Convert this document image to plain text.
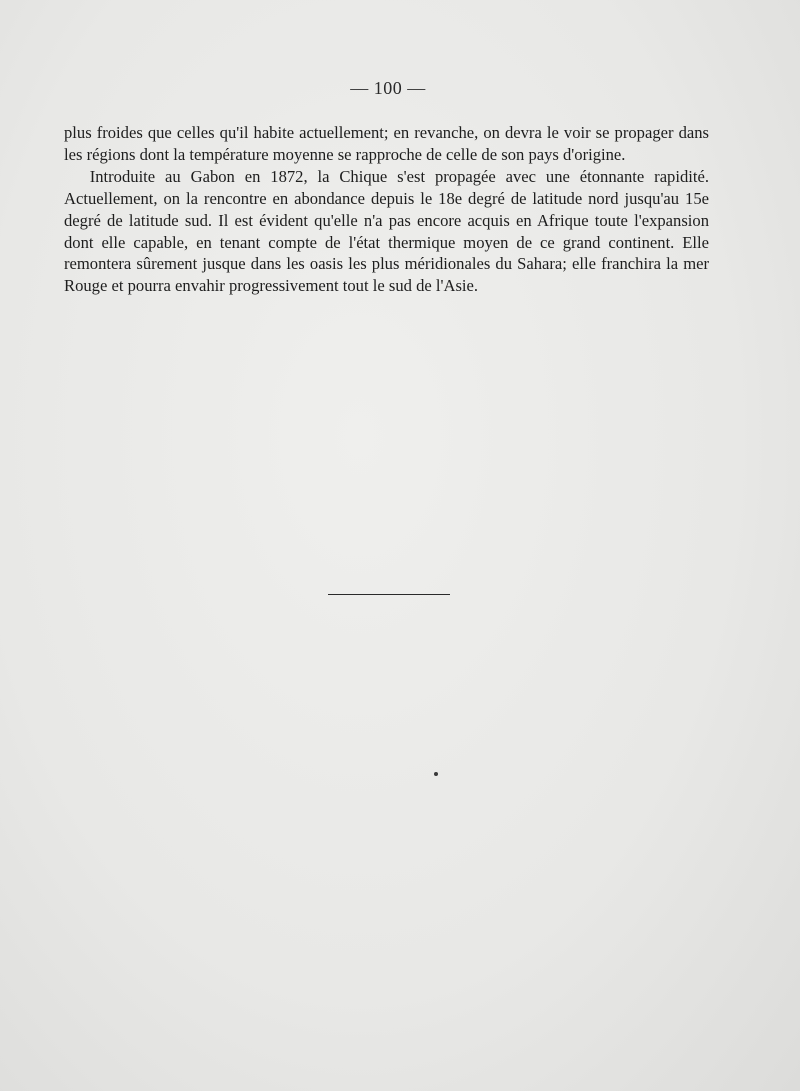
— 100 —

plus froides que celles qu'il habite actuellement; en revanche, on devra le voir se propager dans les régions dont la température moyenne se rapproche de celle de son pays d'origine.

Introduite au Gabon en 1872, la Chique s'est propagée avec une étonnante rapidité. Actuellement, on la rencontre en abondance depuis le 18e degré de latitude nord jusqu'au 15e degré de latitude sud. Il est évident qu'elle n'a pas encore acquis en Afrique toute l'expansion dont elle capable, en tenant compte de l'état thermique moyen de ce grand continent. Elle remontera sûrement jusque dans les oasis les plus méridionales du Sahara; elle franchira la mer Rouge et pourra envahir progressivement tout le sud de l'Asie.
